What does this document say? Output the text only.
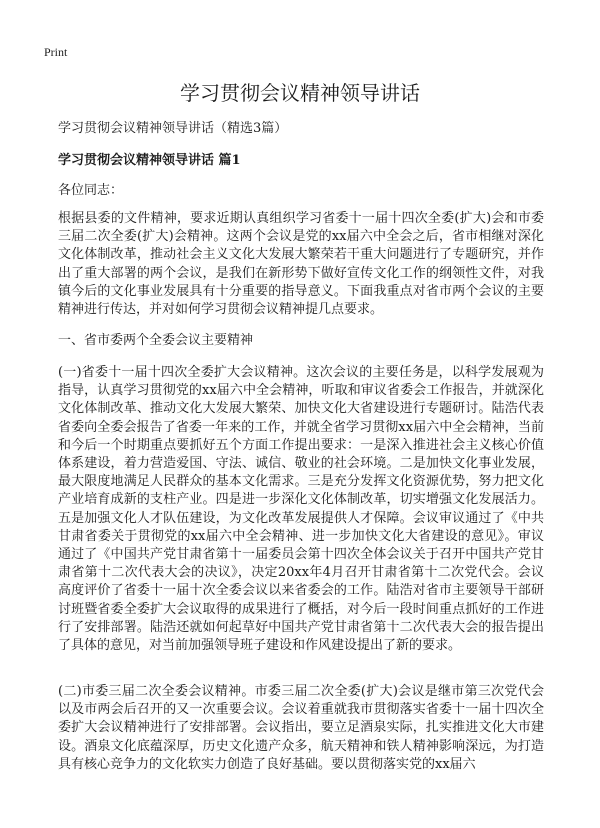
Print
学习贯彻会议精神领导讲话
学习贯彻会议精神领导讲话（精选3篇）
学习贯彻会议精神领导讲话 篇1
各位同志：

根据县委的文件精神，要求近期认真组织学习省委十一届十四次全委(扩大)会和市委三届二次全委(扩大)会精神。这两个会议是党的xx届六中全会之后，省市相继对深化文化体制改革，推动社会主义文化大发展大繁荣若干重大问题进行了专题研究，并作出了重大部署的两个会议，是我们在新形势下做好宣传文化工作的纲领性文件，对我镇今后的文化事业发展具有十分重要的指导意义。下面我重点对省市两个会议的主要精神进行传达，并对如何学习贯彻会议精神提几点要求。

一、省市委两个全委会议主要精神

(一)省委十一届十四次全委扩大会议精神。这次会议的主要任务是，以科学发展观为指导，认真学习贯彻党的xx届六中全会精神，听取和审议省委会工作报告，并就深化文化体制改革、推动文化大发展大繁荣、加快文化大省建设进行专题研讨。陆浩代表省委向全委会报告了省委一年来的工作，并就全省学习贯彻xx届六中全会精神，当前和今后一个时期重点要抓好五个方面工作提出要求：一是深入推进社会主义核心价值体系建设，着力营造爱国、守法、诚信、敬业的社会环境。二是加快文化事业发展，最大限度地满足人民群众的基本文化需求。三是充分发挥文化资源优势，努力把文化产业培育成新的支柱产业。四是进一步深化文化体制改革，切实增强文化发展活力。五是加强文化人才队伍建设，为文化改革发展提供人才保障。会议审议通过了《中共甘肃省委关于贯彻党的xx届六中全会精神、进一步加快文化大省建设的意见》。审议通过了《中国共产党甘肃省第十一届委员会第十四次全体会议关于召开中国共产党甘肃省第十二次代表大会的决议》，决定20xx年4月召开甘肃省第十二次党代会。会议高度评价了省委十一届十次全委会议以来省委会的工作。陆浩对省市主要领导干部研讨班暨省委全委扩大会议取得的成果进行了概括，对今后一段时间重点抓好的工作进行了安排部署。陆浩还就如何起草好中国共产党甘肃省第十二次代表大会的报告提出了具体的意见，对当前加强领导班子建设和作风建设提出了新的要求。

(二)市委三届二次全委会议精神。市委三届二次全委(扩大)会议是继市第三次党代会以及市两会后召开的又一次重要会议。会议着重就我市贯彻落实省委十一届十四次全委扩大会议精神进行了安排部署。会议指出，要立足酒泉实际，扎实推进文化大市建设。酒泉文化底蕴深厚，历史文化遗产众多，航天精神和铁人精神影响深远，为打造具有核心竞争力的文化软实力创造了良好基础。要以贯彻落实党的xx届六
